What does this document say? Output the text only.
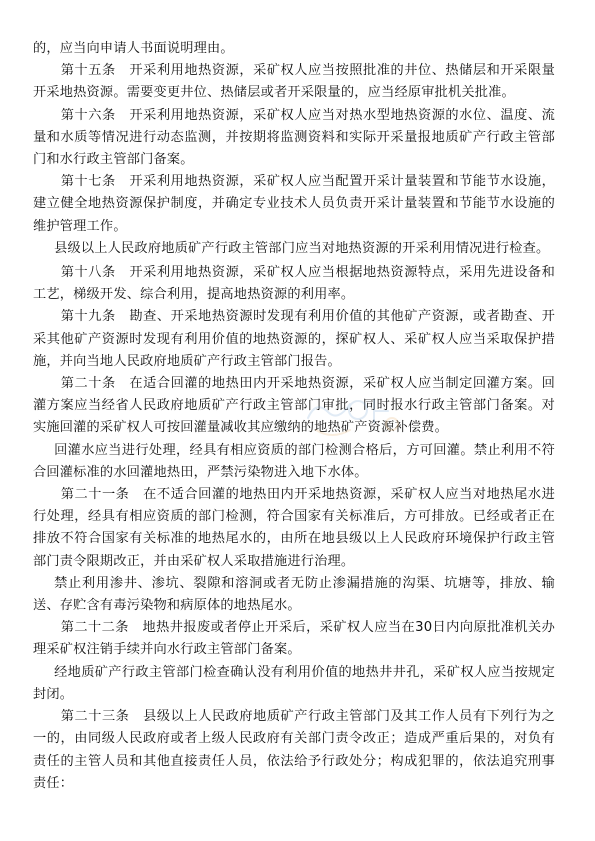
的，应当向申请人书面说明理由。

第十五条　开采利用地热资源，采矿权人应当按照批准的井位、热储层和开采限量开采地热资源。需要变更井位、热储层或者开采限量的，应当经原审批机关批准。

第十六条　开采利用地热资源，采矿权人应当对热水型地热资源的水位、温度、流量和水质等情况进行动态监测，并按期将监测资料和实际开采量报地质矿产行政主管部门和水行政主管部门备案。

第十七条　开采利用地热资源，采矿权人应当配置开采计量装置和节能节水设施，建立健全地热资源保护制度，并确定专业技术人员负责开采计量装置和节能节水设施的维护管理工作。

县级以上人民政府地质矿产行政主管部门应当对地热资源的开采利用情况进行检查。

第十八条　开采利用地热资源，采矿权人应当根据地热资源特点，采用先进设备和工艺，梯级开发、综合利用，提高地热资源的利用率。

第十九条　勘查、开采地热资源时发现有利用价值的其他矿产资源，或者勘查、开采其他矿产资源时发现有利用价值的地热资源的，探矿权人、采矿权人应当采取保护措施，并向当地人民政府地质矿产行政主管部门报告。

第二十条　在适合回灌的地热田内开采地热资源，采矿权人应当制定回灌方案。回灌方案应当经省人民政府地质矿产行政主管部门审批，同时报水行政主管部门备案。对实施回灌的采矿权人可按回灌量减收其应缴纳的地热矿产资源补偿费。

回灌水应当进行处理，经具有相应资质的部门检测合格后，方可回灌。禁止利用不符合回灌标准的水回灌地热田，严禁污染物进入地下水体。

第二十一条　在不适合回灌的地热田内开采地热资源，采矿权人应当对地热尾水进行处理，经具有相应资质的部门检测，符合国家有关标准后，方可排放。已经或者正在排放不符合国家有关标准的地热尾水的，由所在地县级以上人民政府环境保护行政主管部门责令限期改正，并由采矿权人采取措施进行治理。

禁止利用渗井、渗坑、裂隙和溶洞或者无防止渗漏措施的沟渠、坑塘等，排放、输送、存贮含有毒污染物和病原体的地热尾水。

第二十二条　地热井报废或者停止开采后，采矿权人应当在30日内向原批准机关办理采矿权注销手续并向水行政主管部门备案。

经地质矿产行政主管部门检查确认没有利用价值的地热井井孔，采矿权人应当按规定封闭。

第二十三条　县级以上人民政府地质矿产行政主管部门及其工作人员有下列行为之一的，由同级人民政府或者上级人民政府有关部门责令改正；造成严重后果的，对负有责任的主管人员和其他直接责任人员，依法给予行政处分；构成犯罪的，依法追究刑事责任：
